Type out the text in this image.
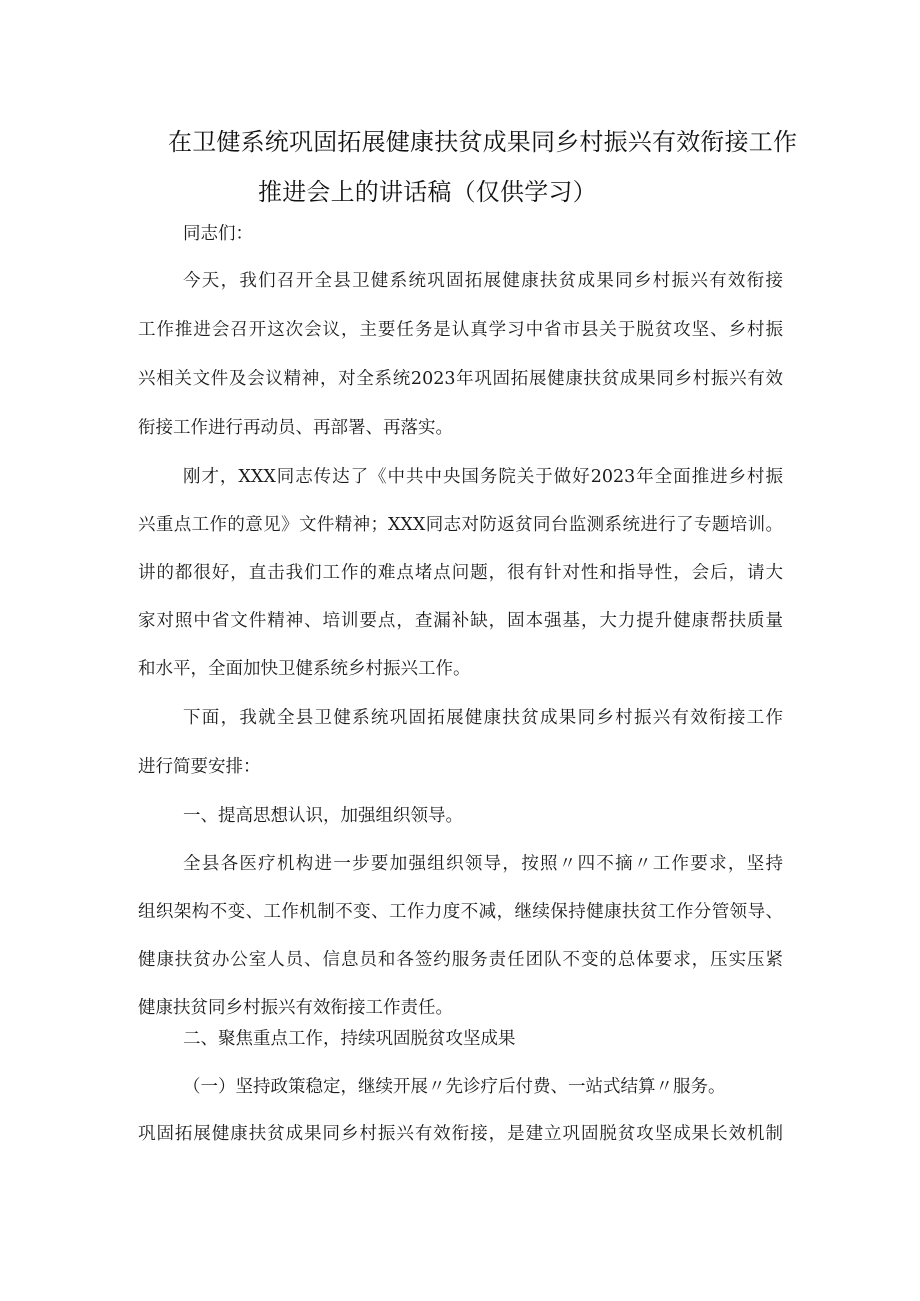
在卫健系统巩固拓展健康扶贫成果同乡村振兴有效衔接工作
推进会上的讲话稿（仅供学习）
同志们：
今天，我们召开全县卫健系统巩固拓展健康扶贫成果同乡村振兴有效衔接
工作推进会召开这次会议，主要任务是认真学习中省市县关于脱贫攻坚、乡村振
兴相关文件及会议精神，对全系统2023年巩固拓展健康扶贫成果同乡村振兴有效
衔接工作进行再动员、再部署、再落实。
刚才，XXX同志传达了《中共中央国务院关于做好2023年全面推进乡村振
兴重点工作的意见》文件精神；XXX同志对防返贫同台监测系统进行了专题培训。
讲的都很好，直击我们工作的难点堵点问题，很有针对性和指导性，会后，请大
家对照中省文件精神、培训要点，查漏补缺，固本强基，大力提升健康帮扶质量
和水平，全面加快卫健系统乡村振兴工作。
下面，我就全县卫健系统巩固拓展健康扶贫成果同乡村振兴有效衔接工作
进行简要安排：
一、提高思想认识，加强组织领导。
全县各医疗机构进一步要加强组织领导，按照〃四不摘〃工作要求，坚持
组织架构不变、工作机制不变、工作力度不减，继续保持健康扶贫工作分管领导、
健康扶贫办公室人员、信息员和各签约服务责任团队不变的总体要求，压实压紧
健康扶贫同乡村振兴有效衔接工作责任。
二、聚焦重点工作，持续巩固脱贫攻坚成果
（一）坚持政策稳定，继续开展〃先诊疗后付费、一站式结算〃服务。
巩固拓展健康扶贫成果同乡村振兴有效衔接，是建立巩固脱贫攻坚成果长效机制
